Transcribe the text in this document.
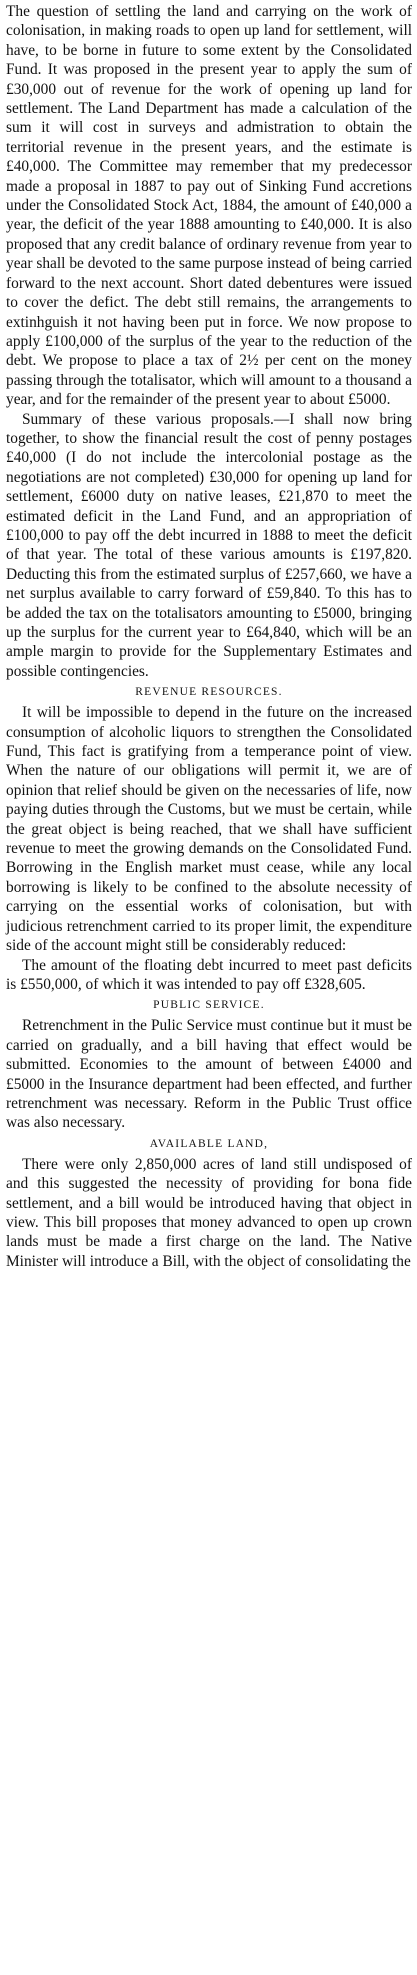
The question of settling the land and carrying on the work of colonisation, in making roads to open up land for settlement, will have, to be borne in future to some extent by the Consolidated Fund. It was proposed in the present year to apply the sum of £30,000 out of revenue for the work of opening up land for settlement. The Land Department has made a calculation of the sum it will cost in surveys and admistration to obtain the territorial revenue in the present years, and the estimate is £40,000. The Committee may remember that my predecessor made a proposal in 1887 to pay out of Sinking Fund accretions under the Consolidated Stock Act, 1884, the amount of £40,000 a year, the deficit of the year 1888 amounting to £40,000. It is also proposed that any credit balance of ordinary revenue from year to year shall be devoted to the same purpose instead of being carried forward to the next account. Short dated debentures were issued to cover the defict. The debt still remains, the arrangements to extinhguish it not having been put in force. We now propose to apply £100,000 of the surplus of the year to the reduction of the debt. We propose to place a tax of 2½ per cent on the money passing through the totalisator, which will amount to a thousand a year, and for the remainder of the present year to about £5000.

Summary of these various proposals.—I shall now bring together, to show the financial result the cost of penny postages £40,000 (I do not include the intercolonial postage as the negotiations are not completed) £30,000 for opening up land for settlement, £6000 duty on native leases, £21,870 to meet the estimated deficit in the Land Fund, and an appropriation of £100,000 to pay off the debt incurred in 1888 to meet the deficit of that year. The total of these various amounts is £197,820. Deducting this from the estimated surplus of £257,660, we have a net surplus available to carry forward of £59,840. To this has to be added the tax on the totalisators amounting to £5000, bringing up the surplus for the current year to £64,840, which will be an ample margin to provide for the Supplementary Estimates and possible contingencies.

REVENUE RESOURCES.

It will be impossible to depend in the future on the increased consumption of alcoholic liquors to strengthen the Consolidated Fund, This fact is gratifying from a temperance point of view. When the nature of our obligations will permit it, we are of opinion that relief should be given on the necessaries of life, now paying duties through the Customs, but we must be certain, while the great object is being reached, that we shall have sufficient revenue to meet the growing demands on the Consolidated Fund. Borrowing in the English market must cease, while any local borrowing is likely to be confined to the absolute necessity of carrying on the essential works of colonisation, but with judicious retrenchment carried to its proper limit, the expenditure side of the account might still be considerably reduced:

The amount of the floating debt incurred to meet past deficits is £550,000, of which it was intended to pay off £328,605.

PUBLIC SERVICE.

Retrenchment in the Pulic Service must continue but it must be carried on gradually, and a bill having that effect would be submitted. Economies to the amount of between £4000 and £5000 in the Insurance department had been effected, and further retrenchment was necessary. Reform in the Public Trust office was also necessary.

AVAILABLE LAND,

There were only 2,850,000 acres of land still undisposed of and this suggested the necessity of providing for bona fide settlement, and a bill would be introduced having that object in view. This bill proposes that money advanced to open up crown lands must be made a first charge on the land. The Native Minister will introduce a Bill, with the object of consolidating the
